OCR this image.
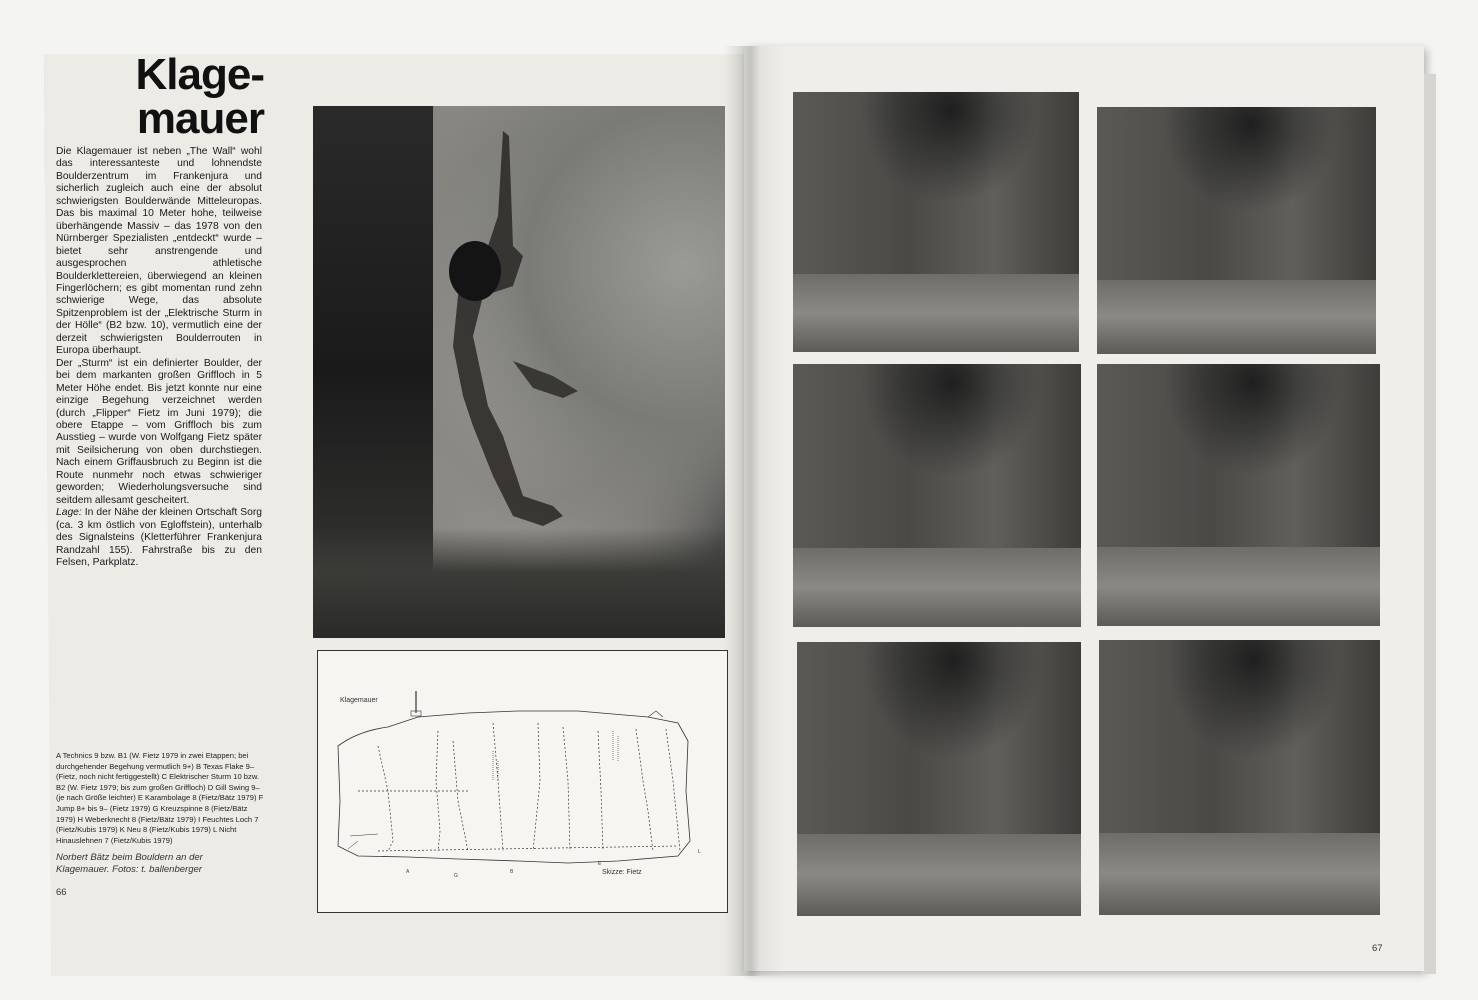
Klage-
mauer

Die Klagemauer ist neben „The Wall“ wohl das interessanteste und lohnendste Boulderzentrum im Frankenjura und sicherlich zugleich auch eine der absolut schwierigsten Boulderwände Mitteleuropas. Das bis maximal 10 Meter hohe, teilweise überhängende Massiv – das 1978 von den Nürnberger Spezialisten „entdeckt“ wurde – bietet sehr anstrengende und ausgesprochen athletische Boulderklettereien, überwiegend an kleinen Fingerlöchern; es gibt momentan rund zehn schwierige Wege, das absolute Spitzenproblem ist der „Elektrische Sturm in der Hölle“ (B2 bzw. 10), vermutlich eine der derzeit schwierigsten Boulderrouten in Europa überhaupt.

Der „Sturm“ ist ein definierter Boulder, der bei dem markanten großen Griffloch in 5 Meter Höhe endet. Bis jetzt konnte nur eine einzige Begehung verzeichnet werden (durch „Flipper“ Fietz im Juni 1979); die obere Etappe – vom Griffloch bis zum Ausstieg – wurde von Wolfgang Fietz später mit Seilsicherung von oben durchstiegen. Nach einem Griffausbruch zu Beginn ist die Route nunmehr noch etwas schwieriger geworden; Wiederholungsversuche sind seitdem allesamt gescheitert.

Lage: In der Nähe der kleinen Ortschaft Sorg (ca. 3 km östlich von Egloffstein), unterhalb des Signalsteins (Kletterführer Frankenjura Randzahl 155). Fahrstraße bis zu den Felsen, Parkplatz.

Klagemauer
Skizze: Fietz
A
G
B
E
L
A Technics 9 bzw. B1 (W. Fietz 1979 in zwei Etappen; bei durchgehender Begehung vermutlich 9+) B Texas Flake 9– (Fietz, noch nicht fertiggestellt) C Elektrischer Sturm 10 bzw. B2 (W. Fietz 1979; bis zum großen Griffloch) D Gill Swing 9– (je nach Größe leichter) E Karambolage 8 (Fietz/Bätz 1979) F Jump 8+ bis 9– (Fietz 1979) G Kreuzspinne 8 (Fietz/Bätz 1979) H Weberknecht 8 (Fietz/Bätz 1979) I Feuchtes Loch 7 (Fietz/Kubis 1979) K Neu 8 (Fietz/Kubis 1979) L Nicht Hinauslehnen 7 (Fietz/Kubis 1979)
Norbert Bätz beim Bouldern an der Klagemauer. Fotos: t. ballenberger
66
67
